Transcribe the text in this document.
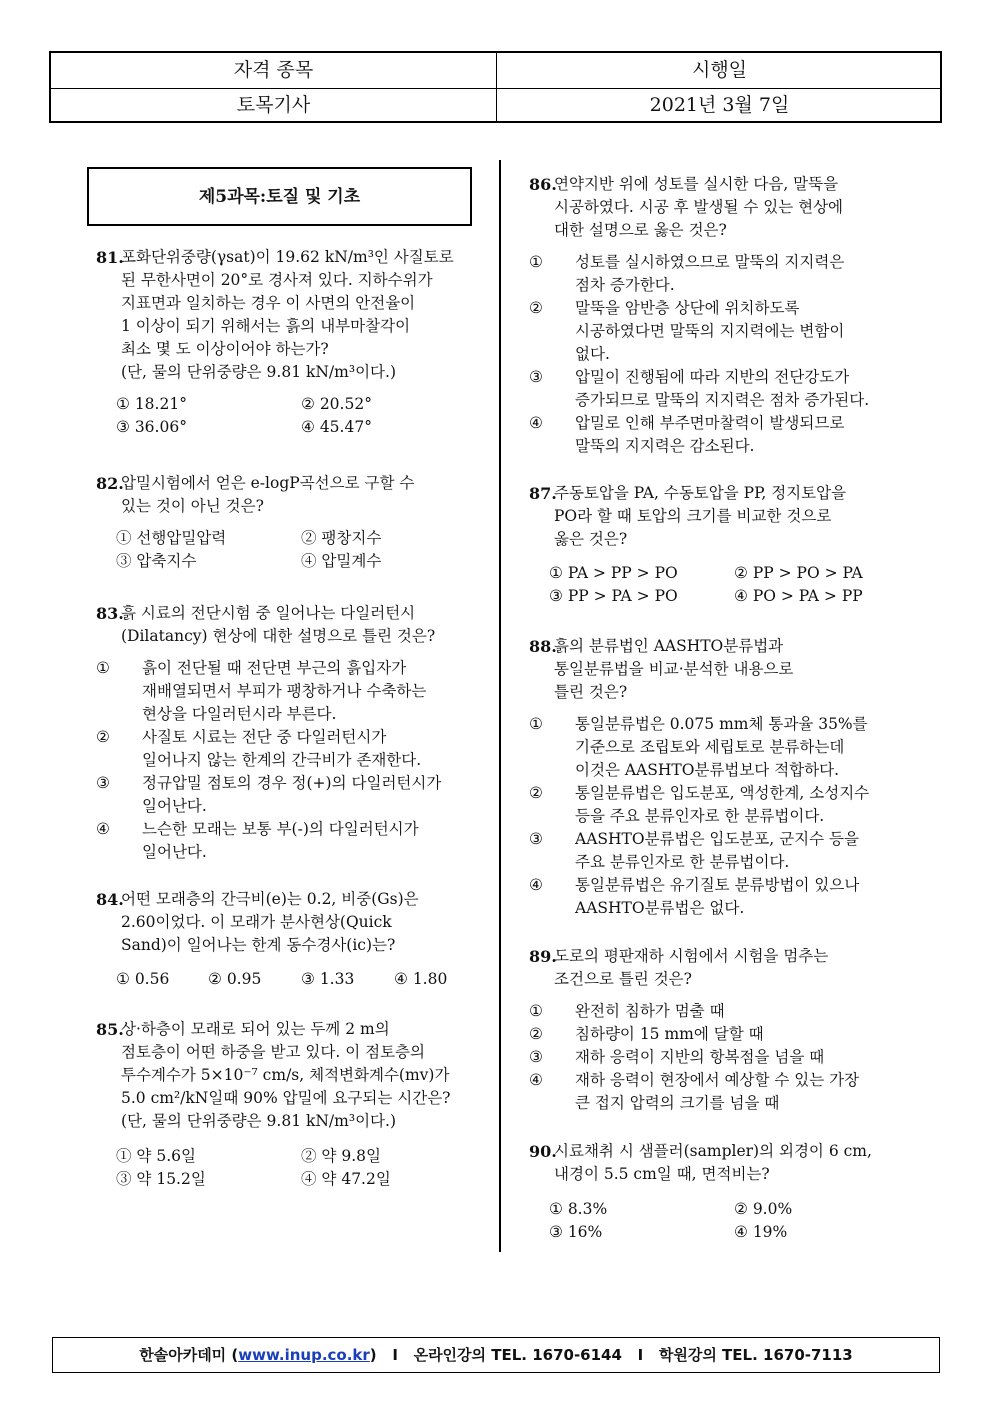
자격 종목	시행일
토목기사	2021년 3월 7일
제5과목:토질 및 기초
81.

포화단위중량(γsat)이 19.62 kN/m³인 사질토로

된 무한사면이 20°로 경사져 있다. 지하수위가

지표면과 일치하는 경우 이 사면의 안전율이

1 이상이 되기 위해서는 흙의 내부마찰각이

최소 몇 도 이상이어야 하는가?

(단, 물의 단위중량은 9.81 kN/m³이다.)

① 18.21°	② 20.52°
③ 36.06°	④ 45.47°
82.

압밀시험에서 얻은 e-logP곡선으로 구할 수

있는 것이 아닌 것은?

① 선행압밀압력	② 팽창지수
③ 압축지수	④ 압밀계수
83.

흙 시료의 전단시험 중 일어나는 다일러턴시

(Dilatancy) 현상에 대한 설명으로 틀린 것은?

①	흙이 전단될 때 전단면 부근의 흙입자가
재배열되면서 부피가 팽창하거나 수축하는
현상을 다일러턴시라 부른다.
②	사질토 시료는 전단 중 다일러턴시가
일어나지 않는 한계의 간극비가 존재한다.
③	정규압밀 점토의 경우 정(+)의 다일러턴시가
일어난다.
④	느슨한 모래는 보통 부(-)의 다일러턴시가
일어난다.
84.

어떤 모래층의 간극비(e)는 0.2, 비중(Gs)은

2.60이었다. 이 모래가 분사현상(Quick

Sand)이 일어나는 한계 동수경사(ic)는?

① 0.56 ② 0.95	③ 1.33	④ 1.80
85.

상·하층이 모래로 되어 있는 두께 2 m의

점토층이 어떤 하중을 받고 있다. 이 점토층의

투수계수가 5×10⁻⁷ cm/s, 체적변화계수(mv)가

5.0 cm²/kN일때 90% 압밀에 요구되는 시간은?

(단, 물의 단위중량은 9.81 kN/m³이다.)

① 약 5.6일	② 약 9.8일
③ 약 15.2일	④ 약 47.2일
86.

연약지반 위에 성토를 실시한 다음, 말뚝을

시공하였다. 시공 후 발생될 수 있는 현상에

대한 설명으로 옳은 것은?

①	성토를 실시하였으므로 말뚝의 지지력은
점차 증가한다.
②	말뚝을 암반층 상단에 위치하도록
시공하였다면 말뚝의 지지력에는 변함이
없다.
③	압밀이 진행됨에 따라 지반의 전단강도가
증가되므로 말뚝의 지지력은 점차 증가된다.
④	압밀로 인해 부주면마찰력이 발생되므로
말뚝의 지지력은 감소된다.
87.

주동토압을 PA, 수동토압을 PP, 정지토압을

PO라 할 때 토압의 크기를 비교한 것으로

옳은 것은?

① PA > PP > PO	② PP > PO > PA
③ PP > PA > PO	④ PO > PA > PP
88.

흙의 분류법인 AASHTO분류법과

통일분류법을 비교·분석한 내용으로

틀린 것은?

①	통일분류법은 0.075 mm체 통과율 35%를
기준으로 조립토와 세립토로 분류하는데
이것은 AASHTO분류법보다 적합하다.
②	통일분류법은 입도분포, 액성한계, 소성지수
등을 주요 분류인자로 한 분류법이다.
③	AASHTO분류법은 입도분포, 군지수 등을
주요 분류인자로 한 분류법이다.
④	통일분류법은 유기질토 분류방법이 있으나
AASHTO분류법은 없다.
89.

도로의 평판재하 시험에서 시험을 멈추는

조건으로 틀린 것은?

①	완전히 침하가 멈출 때
②	침하량이 15 mm에 달할 때
③	재하 응력이 지반의 항복점을 넘을 때
④	재하 응력이 현장에서 예상할 수 있는 가장
큰 접지 압력의 크기를 넘을 때
90.

시료채취 시 샘플러(sampler)의 외경이 6 cm,

내경이 5.5 cm일 때, 면적비는?

① 8.3%	② 9.0%
③ 16%	④ 19%
한솔아카데미 (www.inup.co.kr) I 온라인강의 TEL. 1670-6144 I 학원강의 TEL. 1670-7113
